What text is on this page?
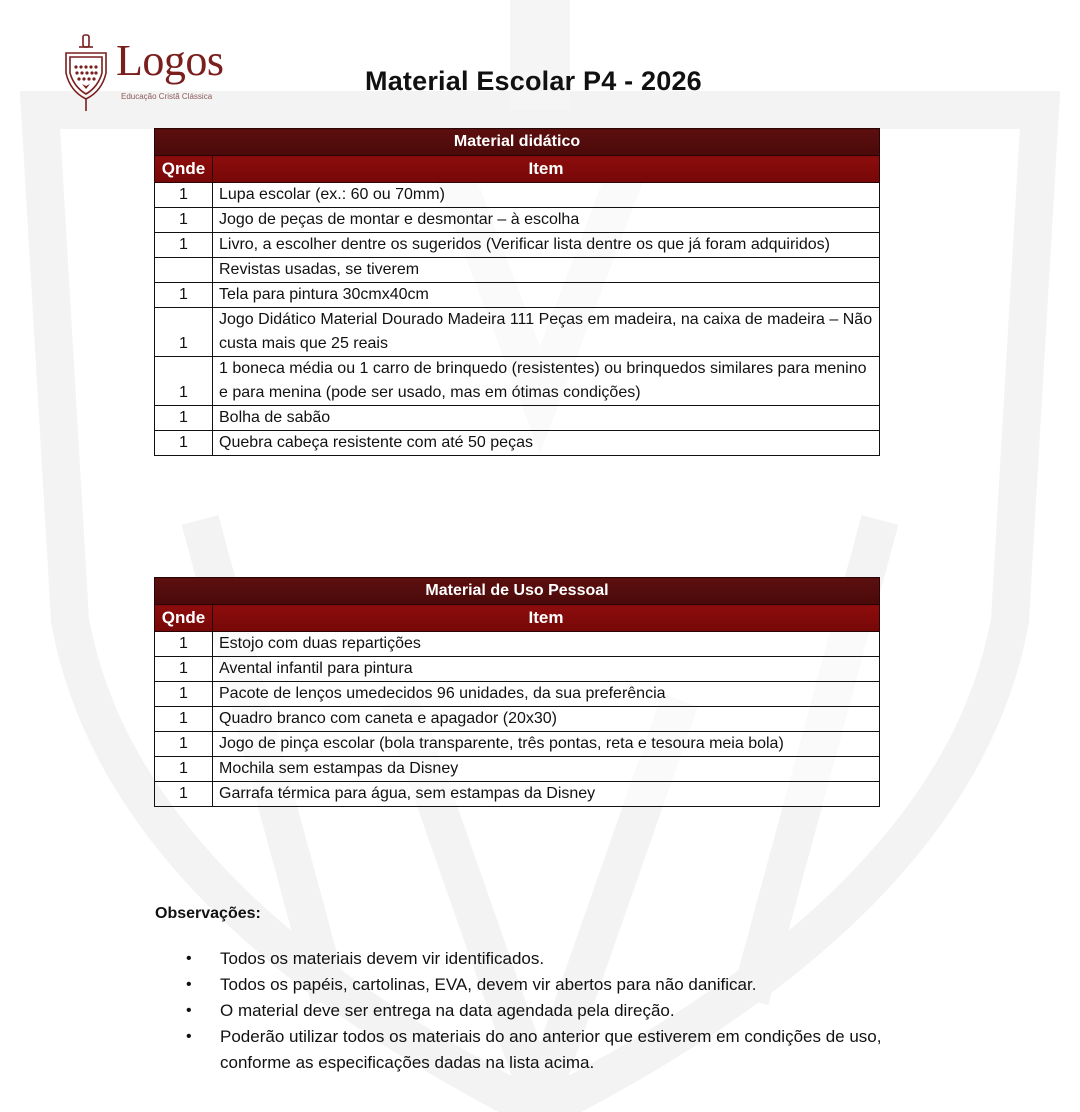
Logos
Educação Cristã Clássica
Material Escolar P4 - 2026
Material didático	
Qnde	Item
1	Lupa escolar (ex.: 60 ou 70mm)
1	Jogo de peças de montar e desmontar – à escolha
1	Livro, a escolher dentre os sugeridos (Verificar lista dentre os que já foram adquiridos)
	Revistas usadas, se tiverem
1	Tela para pintura 30cmx40cm
1	Jogo Didático Material Dourado Madeira 111 Peças em madeira, na caixa de madeira – Não custa mais que 25 reais
1	1 boneca média ou 1 carro de brinquedo (resistentes) ou brinquedos similares para menino e para menina (pode ser usado, mas em ótimas condições)
1	Bolha de sabão
1	Quebra cabeça resistente com até 50 peças
Material de Uso Pessoal	
Qnde	Item
1	Estojo com duas repartições
1	Avental infantil para pintura
1	Pacote de lenços umedecidos 96 unidades, da sua preferência
1	Quadro branco com caneta e apagador (20x30)
1	Jogo de pinça escolar (bola transparente, três pontas, reta e tesoura meia bola)
1	Mochila sem estampas da Disney
1	Garrafa térmica para água, sem estampas da Disney
Observações:
• Todos os materiais devem vir identificados.
• Todos os papéis, cartolinas, EVA, devem vir abertos para não danificar.
• O material deve ser entrega na data agendada pela direção.
• Poderão utilizar todos os materiais do ano anterior que estiverem em condições de uso, conforme as especificações dadas na lista acima.
